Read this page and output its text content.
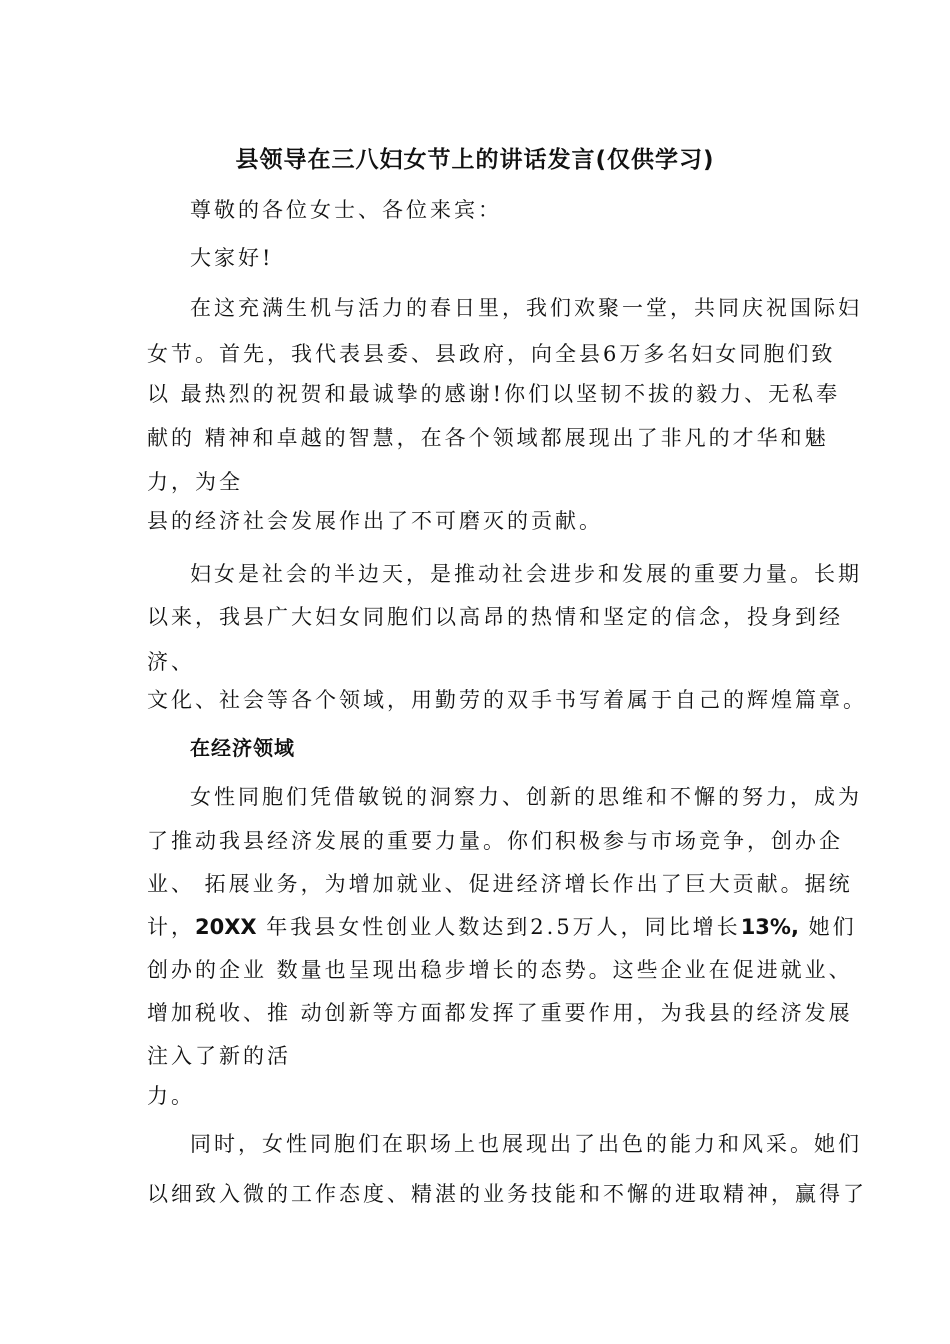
县领导在三八妇女节上的讲话发言(仅供学习)
尊敬的各位女士、各位来宾：
大家好!
在这充满生机与活力的春日里，我们欢聚一堂，共同庆祝国际妇
女节。首先，我代表县委、县政府，向全县6万多名妇女同胞们致
以 最热烈的祝贺和最诚挚的感谢!你们以坚韧不拔的毅力、无私奉
献的 精神和卓越的智慧，在各个领域都展现出了非凡的才华和魅
力，为全
县的经济社会发展作出了不可磨灭的贡献。
妇女是社会的半边天，是推动社会进步和发展的重要力量。长期
以来，我县广大妇女同胞们以高昂的热情和坚定的信念，投身到经
济、
文化、社会等各个领域，用勤劳的双手书写着属于自己的辉煌篇章。
在经济领域
女性同胞们凭借敏锐的洞察力、创新的思维和不懈的努力，成为
了推动我县经济发展的重要力量。你们积极参与市场竞争，创办企
业、 拓展业务，为增加就业、促进经济增长作出了巨大贡献。据统
计，20XX 年我县女性创业人数达到2.5万人，同比增长13%, 她们
创办的企业 数量也呈现出稳步增长的态势。这些企业在促进就业、
增加税收、推 动创新等方面都发挥了重要作用，为我县的经济发展
注入了新的活
力。
同时，女性同胞们在职场上也展现出了出色的能力和风采。她们
以细致入微的工作态度、精湛的业务技能和不懈的进取精神，赢得了
